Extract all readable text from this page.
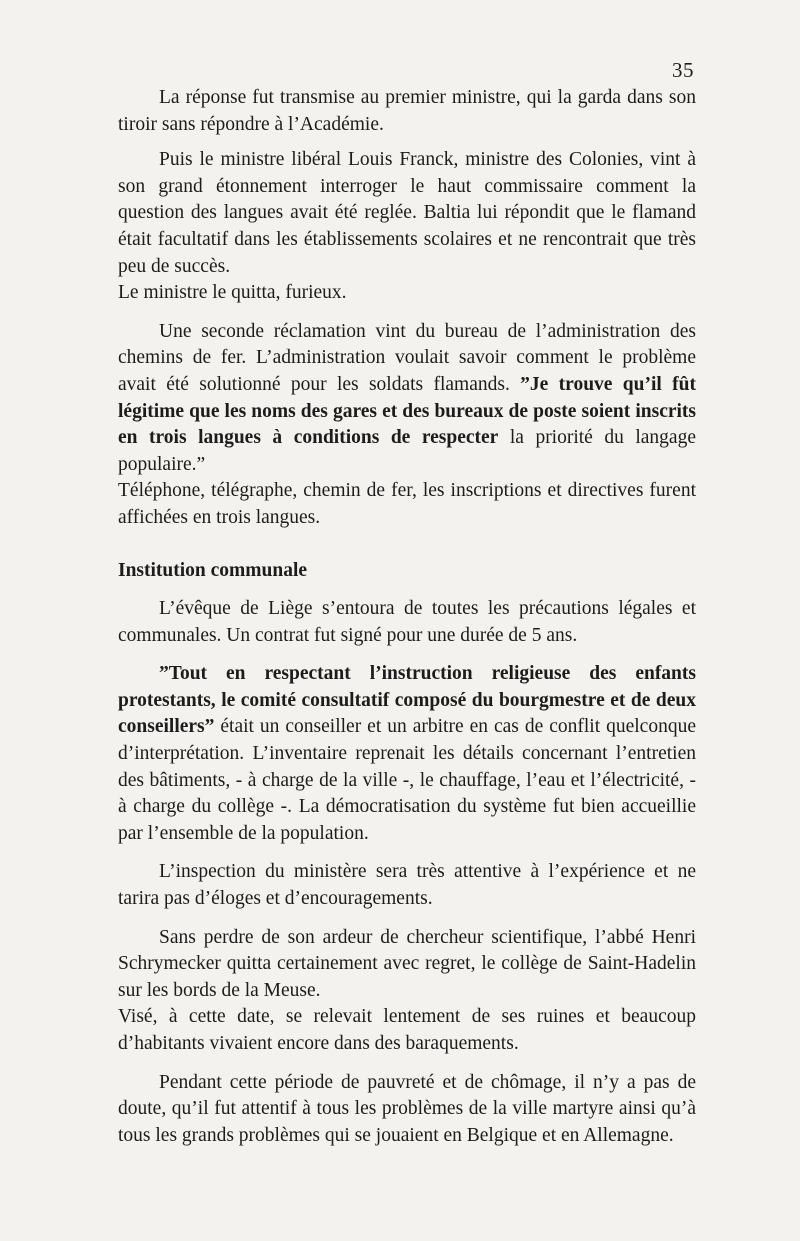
35

La réponse fut transmise au premier ministre, qui la garda dans son tiroir sans répondre à l’Académie.

Puis le ministre libéral Louis Franck, ministre des Colonies, vint à son grand étonnement interroger le haut commissaire comment la question des langues avait été reglée. Baltia lui répondit que le flamand était facultatif dans les établissements scolaires et ne rencontrait que très peu de succès.

Le ministre le quitta, furieux.

Une seconde réclamation vint du bureau de l’administration des chemins de fer. L’administration voulait savoir comment le problème avait été solutionné pour les soldats flamands. ”Je trouve qu’il fût légitime que les noms des gares et des bureaux de poste soient inscrits en trois langues à conditions de respecter la priorité du langage populaire.”

Téléphone, télégraphe, chemin de fer, les inscriptions et directives furent affichées en trois langues.

Institution communale

L’évêque de Liège s’entoura de toutes les précautions légales et communales. Un contrat fut signé pour une durée de 5 ans.

”Tout en respectant l’instruction religieuse des enfants protestants, le comité consultatif composé du bourgmestre et de deux conseillers” était un conseiller et un arbitre en cas de conflit quelconque d’interprétation. L’inventaire reprenait les détails concernant l’entretien des bâtiments, - à charge de la ville -, le chauffage, l’eau et l’électricité, - à charge du collège -. La démocratisation du système fut bien accueillie par l’ensemble de la population.

L’inspection du ministère sera très attentive à l’expérience et ne tarira pas d’éloges et d’encouragements.

Sans perdre de son ardeur de chercheur scientifique, l’abbé Henri Schrymecker quitta certainement avec regret, le collège de Saint-Hadelin sur les bords de la Meuse.

Visé, à cette date, se relevait lentement de ses ruines et beaucoup d’habitants vivaient encore dans des baraquements.

Pendant cette période de pauvreté et de chômage, il n’y a pas de doute, qu’il fut attentif à tous les problèmes de la ville martyre ainsi qu’à tous les grands problèmes qui se jouaient en Belgique et en Allemagne.
